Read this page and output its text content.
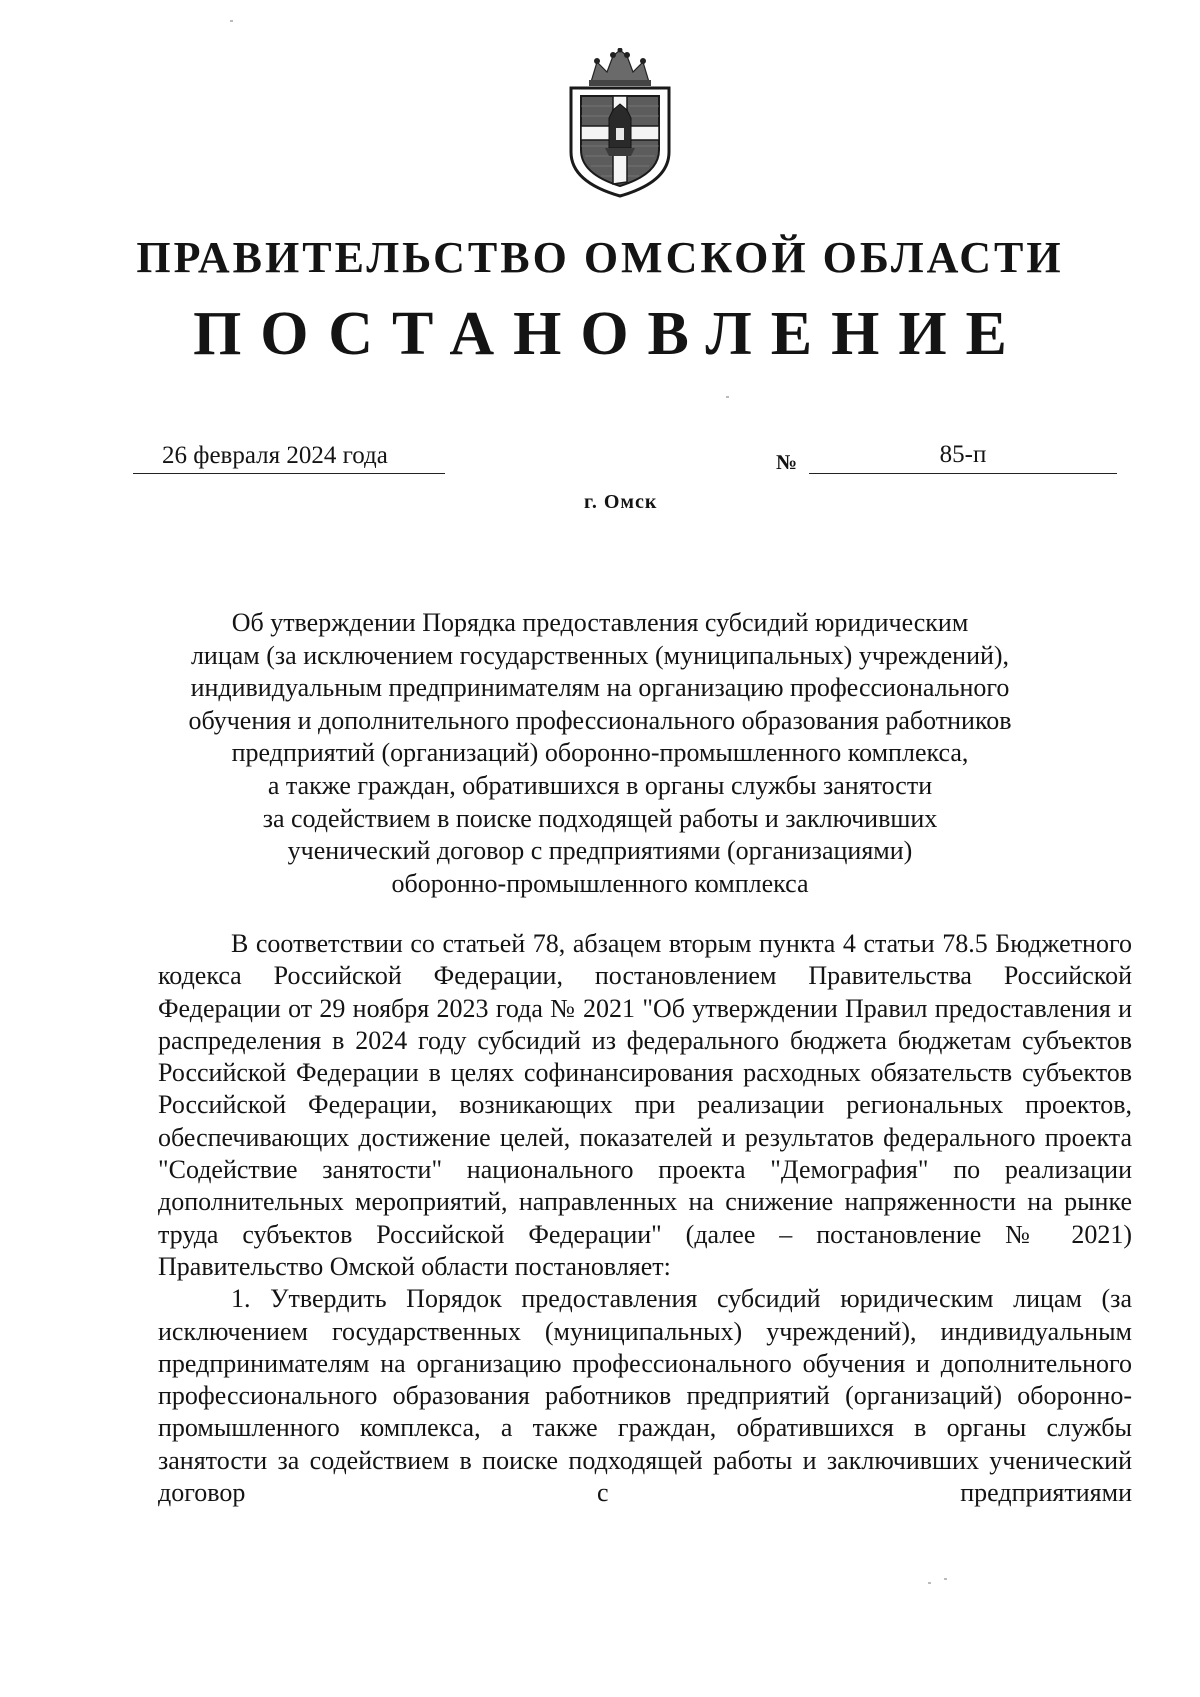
ПРАВИТЕЛЬСТВО ОМСКОЙ ОБЛАСТИ
ПОСТАНОВЛЕНИЕ
26 февраля 2024 года	№	85-п
г. Омск
Об утверждении Порядка предоставления субсидий юридическим
лицам (за исключением государственных (муниципальных) учреждений),
индивидуальным предпринимателям на организацию профессионального
обучения и дополнительного профессионального образования работников
предприятий (организаций) оборонно-промышленного комплекса,
а также граждан, обратившихся в органы службы занятости
за содействием в поиске подходящей работы и заключивших
ученический договор с предприятиями (организациями)
оборонно-промышленного комплекса

В соответствии со статьей 78, абзацем вторым пункта 4 статьи 78.5 Бюджетного кодекса Российской Федерации, постановлением Правительства Российской Федерации от 29 ноября 2023 года № 2021 "Об утверждении Правил предоставления и распределения в 2024 году субсидий из федерального бюджета бюджетам субъектов Российской Федерации в целях софинансирования расходных обязательств субъектов Российской Федерации, возникающих при реализации региональных проектов, обеспечивающих достижение целей, показателей и результатов федерального проекта "Содействие занятости" национального проекта "Демография" по реализации дополнительных мероприятий, направленных на снижение напряженности на рынке труда субъектов Российской Федерации" (далее – постановление № 2021) Правительство Омской области постановляет:

1. Утвердить Порядок предоставления субсидий юридическим лицам (за исключением государственных (муниципальных) учреждений), индивидуальным предпринимателям на организацию профессионального обучения и дополнительного профессионального образования работников предприятий (организаций) оборонно-промышленного комплекса, а также граждан, обратившихся в органы службы занятости за содействием в поиске подходящей работы и заключивших ученический договор с предприятиями
